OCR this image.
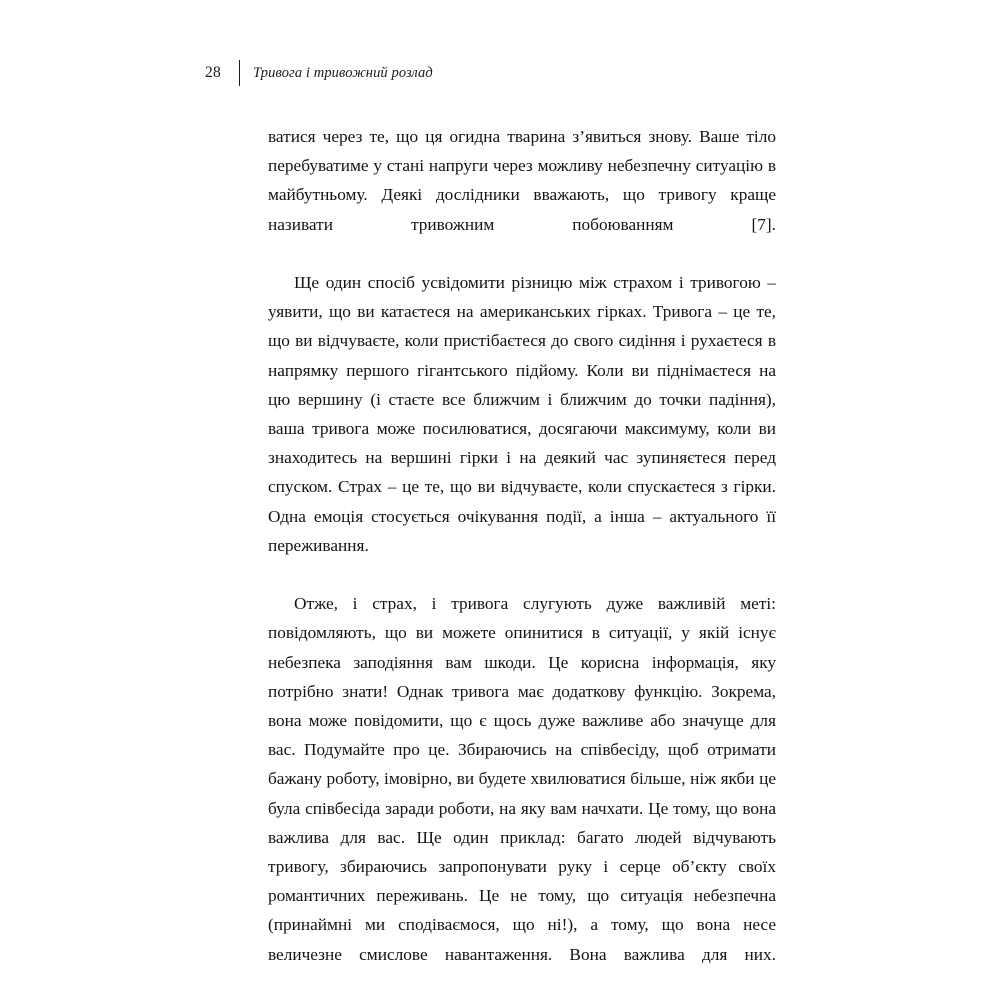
28	Тривога і тривожний розлад

ватися через те, що ця огидна тварина з’явиться знову. Ваше тіло перебуватиме у стані напруги через можливу небезпечну ситуацію в майбутньому. Деякі дослідники вважають, що тривогу краще називати тривожним побоюванням [7].

Ще один спосіб усвідомити різницю між страхом і тривогою – уявити, що ви катаєтеся на американських гірках. Тривога – це те, що ви відчуваєте, коли пристібаєтеся до свого сидіння і рухаєтеся в напрямку першого гігантського підйому. Коли ви піднімаєтеся на цю вершину (і стаєте все ближчим і ближчим до точки падіння), ваша тривога може посилюватися, досягаючи максимуму, коли ви знаходитесь на вершині гірки і на деякий час зупиняєтеся перед спуском. Страх – це те, що ви відчуваєте, коли спускаєтеся з гірки. Одна емоція стосується очікування події, а інша – актуального її переживання.

Отже, і страх, і тривога слугують дуже важливій меті: повідомляють, що ви можете опинитися в ситуації, у якій існує небезпека заподіяння вам шкоди. Це корисна інформація, яку потрібно знати! Однак тривога має додаткову функцію. Зокрема, вона може повідомити, що є щось дуже важливе або значуще для вас. Подумайте про це. Збираючись на співбесіду, щоб отримати бажану роботу, імовірно, ви будете хвилюватися більше, ніж якби це була співбесіда заради роботи, на яку вам начхати. Це тому, що вона важлива для вас. Ще один приклад: багато людей відчувають тривогу, збираючись запропонувати руку і серце об’єкту своїх романтичних переживань. Це не тому, що ситуація небезпечна (принаймні ми сподіваємося, що ні!), а тому, що вона несе величезне смислове навантаження. Вона важлива для них.
